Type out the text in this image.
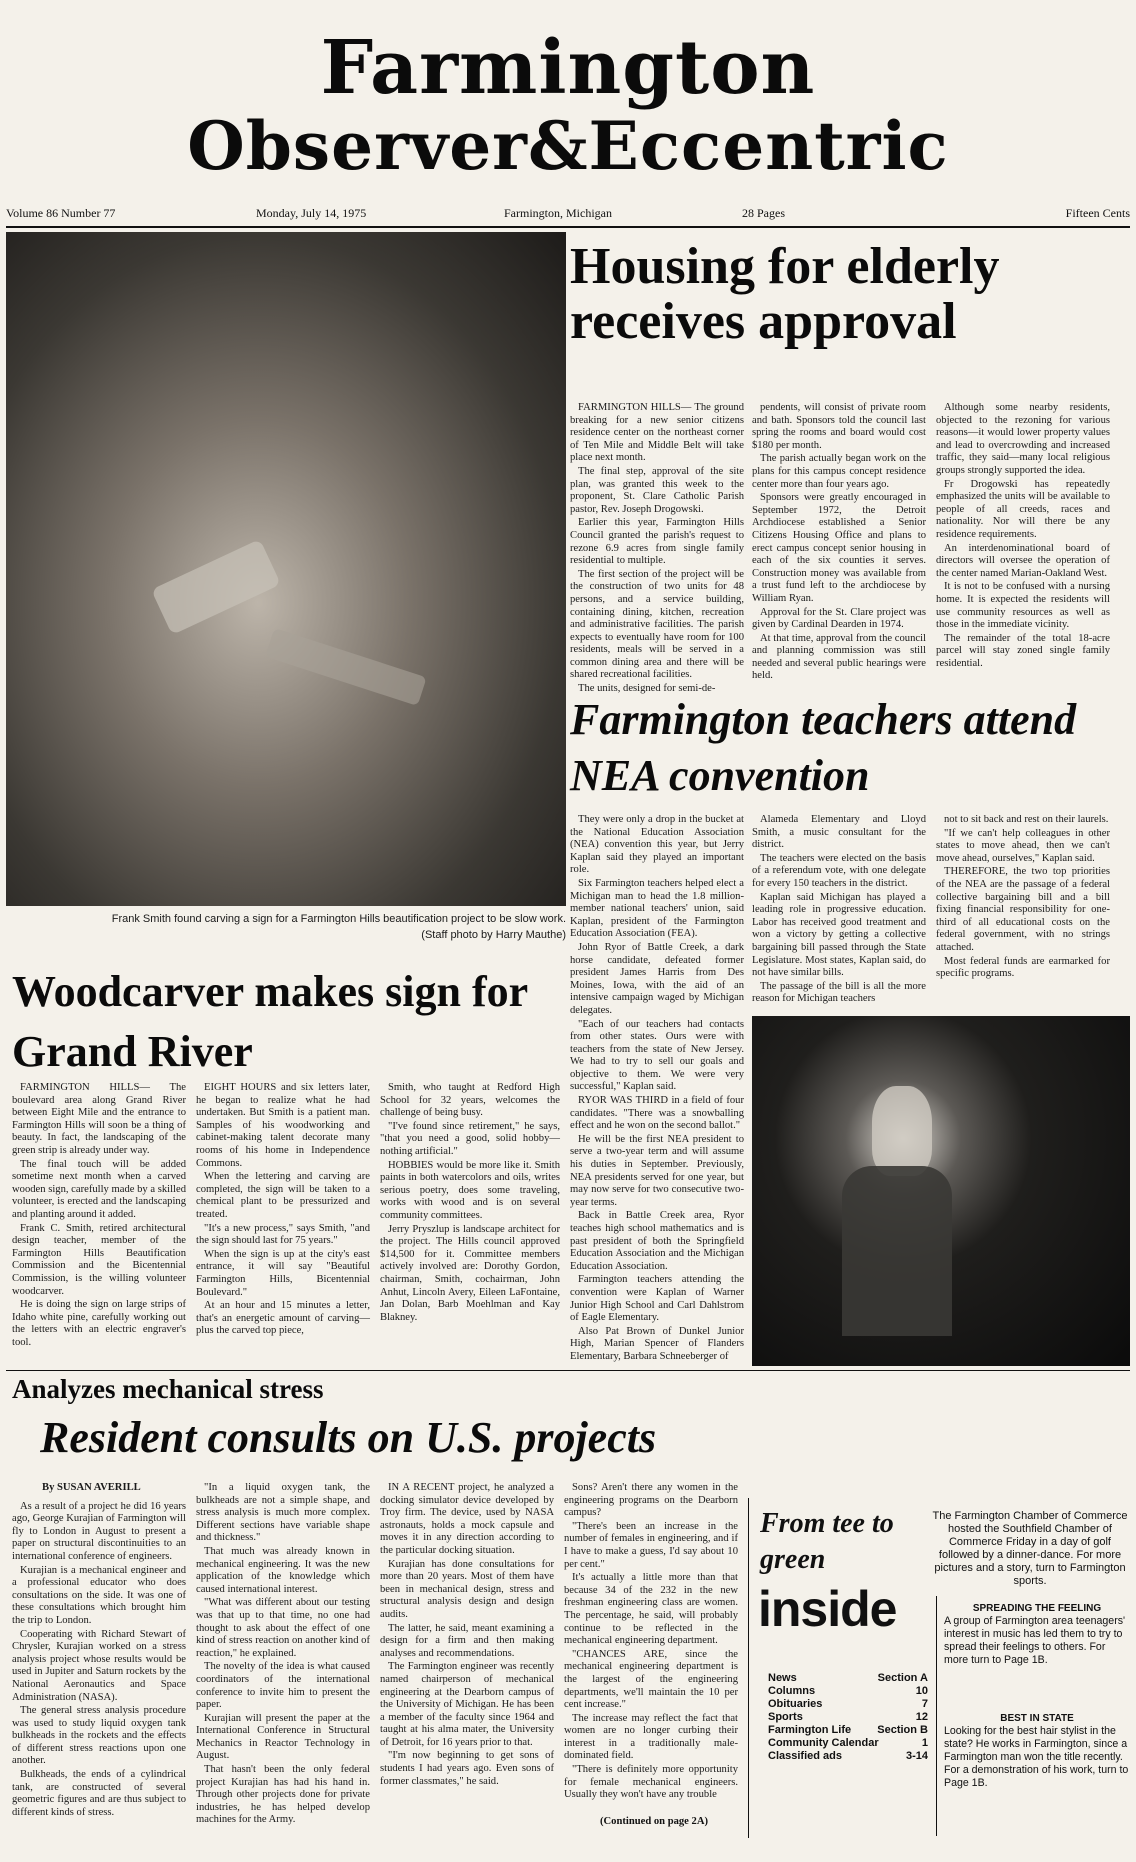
Farmington
Observer&Eccentric
Volume 86 Number 77	Monday, July 14, 1975	Farmington, Michigan	28 Pages	Fifteen Cents
Frank Smith found carving a sign for a Farmington Hills beautification project to be slow work.
(Staff photo by Harry Mauthe)
Housing for elderly receives approval

FARMINGTON HILLS— The ground breaking for a new senior citizens residence center on the northeast corner of Ten Mile and Middle Belt will take place next month.

The final step, approval of the site plan, was granted this week to the proponent, St. Clare Catholic Parish pastor, Rev. Joseph Drogowski.

Earlier this year, Farmington Hills Council granted the parish's request to rezone 6.9 acres from single family residential to multiple.

The first section of the project will be the construction of two units for 48 persons, and a service building, containing dining, kitchen, recreation and administrative facilities. The parish expects to eventually have room for 100 residents, meals will be served in a common dining area and there will be shared recreational facilities.

The units, designed for semi-de-

pendents, will consist of private room and bath. Sponsors told the council last spring the rooms and board would cost $180 per month.

The parish actually began work on the plans for this campus concept residence center more than four years ago.

Sponsors were greatly encouraged in September 1972, the Detroit Archdiocese established a Senior Citizens Housing Office and plans to erect campus concept senior housing in each of the six counties it serves. Construction money was available from a trust fund left to the archdiocese by William Ryan.

Approval for the St. Clare project was given by Cardinal Dearden in 1974.

At that time, approval from the council and planning commission was still needed and several public hearings were held.

Although some nearby residents, objected to the rezoning for various reasons—it would lower property values and lead to overcrowding and increased traffic, they said—many local religious groups strongly supported the idea.

Fr Drogowski has repeatedly emphasized the units will be available to people of all creeds, races and nationality. Nor will there be any residence requirements.

An interdenominational board of directors will oversee the operation of the center named Marian-Oakland West.

It is not to be confused with a nursing home. It is expected the residents will use community resources as well as those in the immediate vicinity.

The remainder of the total 18-acre parcel will stay zoned single family residential.

Farmington teachers attend NEA convention

They were only a drop in the bucket at the National Education Association (NEA) convention this year, but Jerry Kaplan said they played an important role.

Six Farmington teachers helped elect a Michigan man to head the 1.8 million-member national teachers' union, said Kaplan, president of the Farmington Education Association (FEA).

John Ryor of Battle Creek, a dark horse candidate, defeated former president James Harris from Des Moines, Iowa, with the aid of an intensive campaign waged by Michigan delegates.

"Each of our teachers had contacts from other states. Ours were with teachers from the state of New Jersey. We had to try to sell our goals and objective to them. We were very successful," Kaplan said.

RYOR WAS THIRD in a field of four candidates. "There was a snowballing effect and he won on the second ballot."

He will be the first NEA president to serve a two-year term and will assume his duties in September. Previously, NEA presidents served for one year, but may now serve for two consecutive two-year terms.

Back in Battle Creek area, Ryor teaches high school mathematics and is past president of both the Springfield Education Association and the Michigan Education Association.

Farmington teachers attending the convention were Kaplan of Warner Junior High School and Carl Dahlstrom of Eagle Elementary.

Also Pat Brown of Dunkel Junior High, Marian Spencer of Flanders Elementary, Barbara Schneeberger of

Alameda Elementary and Lloyd Smith, a music consultant for the district.

The teachers were elected on the basis of a referendum vote, with one delegate for every 150 teachers in the district.

Kaplan said Michigan has played a leading role in progressive education. Labor has received good treatment and won a victory by getting a collective bargaining bill passed through the State Legislature. Most states, Kaplan said, do not have similar bills.

The passage of the bill is all the more reason for Michigan teachers

not to sit back and rest on their laurels.

"If we can't help colleagues in other states to move ahead, then we can't move ahead, ourselves," Kaplan said.

THEREFORE, the two top priorities of the NEA are the passage of a federal collective bargaining bill and a bill fixing financial responsibility for one-third of all educational costs on the federal government, with no strings attached.

Most federal funds are earmarked for specific programs.

Woodcarver makes sign for Grand River

FARMINGTON HILLS— The boulevard area along Grand River between Eight Mile and the entrance to Farmington Hills will soon be a thing of beauty. In fact, the landscaping of the green strip is already under way.

The final touch will be added sometime next month when a carved wooden sign, carefully made by a skilled volunteer, is erected and the landscaping and planting around it added.

Frank C. Smith, retired architectural design teacher, member of the Farmington Hills Beautification Commission and the Bicentennial Commission, is the willing volunteer woodcarver.

He is doing the sign on large strips of Idaho white pine, carefully working out the letters with an electric engraver's tool.

EIGHT HOURS and six letters later, he began to realize what he had undertaken. But Smith is a patient man. Samples of his woodworking and cabinet-making talent decorate many rooms of his home in Independence Commons.

When the lettering and carving are completed, the sign will be taken to a chemical plant to be pressurized and treated.

"It's a new process," says Smith, "and the sign should last for 75 years."

When the sign is up at the city's east entrance, it will say "Beautiful Farmington Hills, Bicentennial Boulevard."

At an hour and 15 minutes a letter, that's an energetic amount of carving—plus the carved top piece,

Smith, who taught at Redford High School for 32 years, welcomes the challenge of being busy.

"I've found since retirement," he says, "that you need a good, solid hobby—nothing artificial."

HOBBIES would be more like it. Smith paints in both watercolors and oils, writes serious poetry, does some traveling, works with wood and is on several community committees.

Jerry Pryszlup is landscape architect for the project. The Hills council approved $14,500 for it. Committee members actively involved are: Dorothy Gordon, chairman, Smith, cochairman, John Anhut, Lincoln Avery, Eileen LaFontaine, Jan Dolan, Barb Moehlman and Kay Blakney.

Analyzes mechanical stress
Resident consults on U.S. projects

By SUSAN AVERILL

As a result of a project he did 16 years ago, George Kurajian of Farmington will fly to London in August to present a paper on structural discontinuities to an international conference of engineers.

Kurajian is a mechanical engineer and a professional educator who does consultations on the side. It was one of these consultations which brought him the trip to London.

Cooperating with Richard Stewart of Chrysler, Kurajian worked on a stress analysis project whose results would be used in Jupiter and Saturn rockets by the National Aeronautics and Space Administration (NASA).

The general stress analysis procedure was used to study liquid oxygen tank bulkheads in the rockets and the effects of different stress reactions upon one another.

Bulkheads, the ends of a cylindrical tank, are constructed of several geometric figures and are thus subject to different kinds of stress.

"In a liquid oxygen tank, the bulkheads are not a simple shape, and stress analysis is much more complex. Different sections have variable shape and thickness."

That much was already known in mechanical engineering. It was the new application of the knowledge which caused international interest.

"What was different about our testing was that up to that time, no one had thought to ask about the effect of one kind of stress reaction on another kind of reaction," he explained.

The novelty of the idea is what caused coordinators of the international conference to invite him to present the paper.

Kurajian will present the paper at the International Conference in Structural Mechanics in Reactor Technology in August.

That hasn't been the only federal project Kurajian has had his hand in. Through other projects done for private industries, he has helped develop machines for the Army.

IN A RECENT project, he analyzed a docking simulator device developed by Troy firm. The device, used by NASA astronauts, holds a mock capsule and moves it in any direction according to the particular docking situation.

Kurajian has done consultations for more than 20 years. Most of them have been in mechanical design, stress and structural analysis design and design audits.

The latter, he said, meant examining a design for a firm and then making analyses and recommendations.

The Farmington engineer was recently named chairperson of mechanical engineering at the Dearborn campus of the University of Michigan. He has been a member of the faculty since 1964 and taught at his alma mater, the University of Detroit, for 16 years prior to that.

"I'm now beginning to get sons of students I had years ago. Even sons of former classmates," he said.

Sons? Aren't there any women in the engineering programs on the Dearborn campus?

"There's been an increase in the number of females in engineering, and if I have to make a guess, I'd say about 10 per cent."

It's actually a little more than that because 34 of the 232 in the new freshman engineering class are women. The percentage, he said, will probably continue to be reflected in the mechanical engineering department.

"CHANCES ARE, since the mechanical engineering department is the largest of the engineering departments, we'll maintain the 10 per cent increase."

The increase may reflect the fact that women are no longer curbing their interest in a traditionally male-dominated field.

"There is definitely more opportunity for female mechanical engineers. Usually they won't have any trouble

(Continued on page 2A)
From tee to green
The Farmington Chamber of Commerce hosted the Southfield Chamber of Commerce Friday in a day of golf followed by a dinner-dance. For more pictures and a story, turn to Farmington sports.
inside
News	Section A
Columns	10
Obituaries	7
Sports	12
Farmington Life Section B
Community Calendar	1
Classified ads	3-14
SPREADING THE FEELING
A group of Farmington area teenagers' interest in music has led them to try to spread their feelings to others. For more turn to Page 1B.
BEST IN STATE
Looking for the best hair stylist in the state? He works in Farmington, since a Farmington man won the title recently. For a demonstration of his work, turn to Page 1B.
